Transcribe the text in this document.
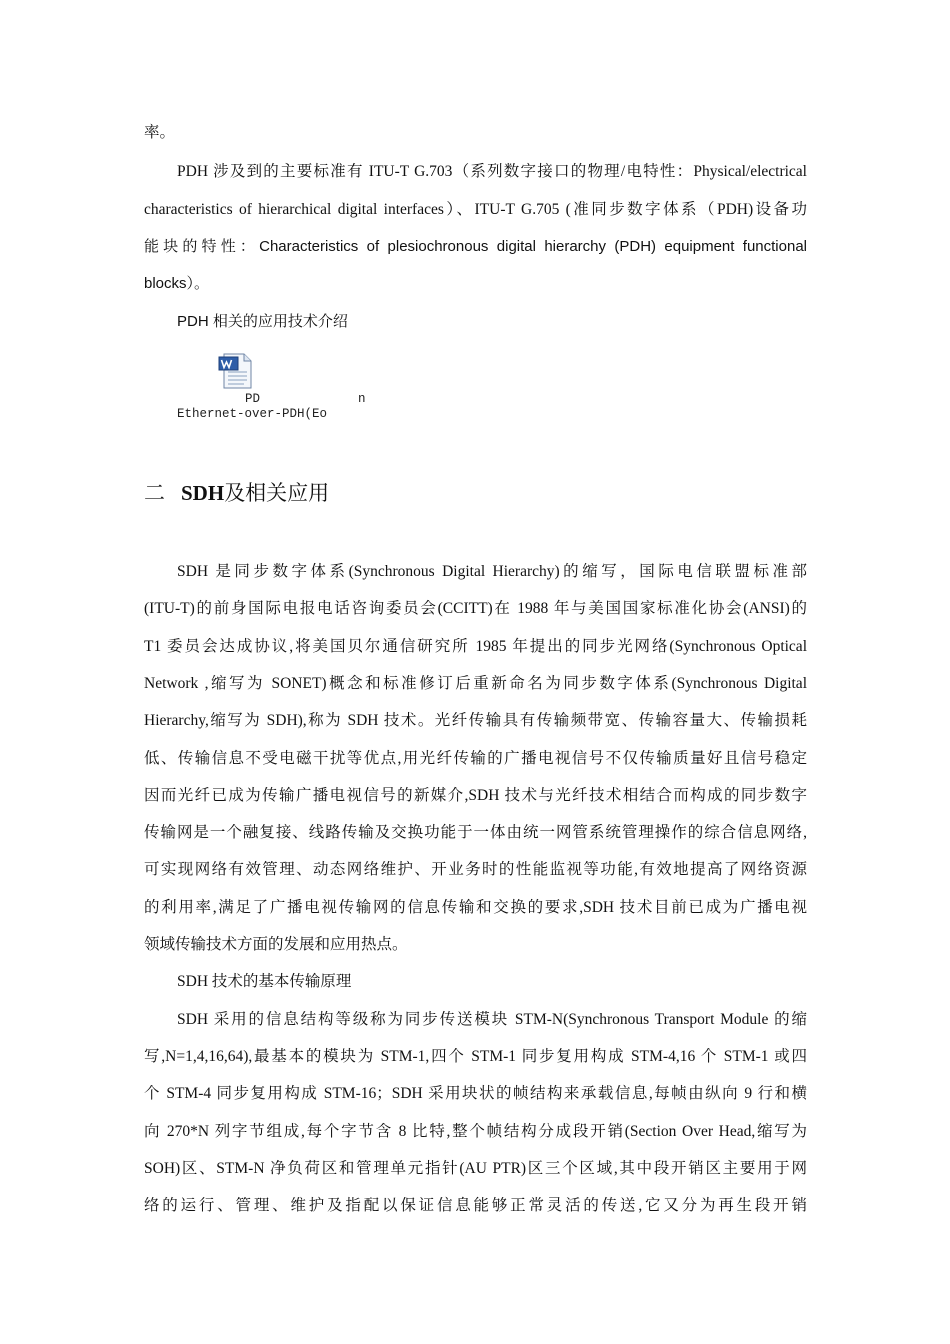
率。
PDH 涉及到的主要标准有 ITU-T G.703（系列数字接口的物理/电特性：Physical/electrical
characteristics of hierarchical digital interfaces）、ITU-T G.705 (准同步数字体系（PDH)设备功
能块的特性：Characteristics of plesiochronous digital hierarchy (PDH) equipment functional
blocks）。
PDH 相关的应用技术介绍
PD	n
Ethernet-over-PDH(Eo
二 SDH及相关应用
SDH 是同步数字体系(Synchronous Digital Hierarchy)的缩写，国际电信联盟标准部
(ITU-T)的前身国际电报电话咨询委员会(CCITT)在 1988 年与美国国家标准化协会(ANSI)的
T1 委员会达成协议,将美国贝尔通信研究所 1985 年提出的同步光网络(Synchronous Optical
Network ,缩写为 SONET)概念和标准修订后重新命名为同步数字体系(Synchronous Digital
Hierarchy,缩写为 SDH),称为 SDH 技术。光纤传输具有传输频带宽、传输容量大、传输损耗
低、传输信息不受电磁干扰等优点,用光纤传输的广播电视信号不仅传输质量好且信号稳定
因而光纤已成为传输广播电视信号的新媒介,SDH 技术与光纤技术相结合而构成的同步数字
传输网是一个融复接、线路传输及交换功能于一体由统一网管系统管理操作的综合信息网络,
可实现网络有效管理、动态网络维护、开业务时的性能监视等功能,有效地提高了网络资源
的利用率,满足了广播电视传输网的信息传输和交换的要求,SDH 技术目前已成为广播电视
领域传输技术方面的发展和应用热点。
SDH 技术的基本传输原理
SDH 采用的信息结构等级称为同步传送模块 STM-N(Synchronous Transport Module 的缩
写,N=1,4,16,64),最基本的模块为 STM-1,四个 STM-1 同步复用构成 STM-4,16 个 STM-1 或四
个 STM-4 同步复用构成 STM-16；SDH 采用块状的帧结构来承载信息,每帧由纵向 9 行和横
向 270*N 列字节组成,每个字节含 8 比特,整个帧结构分成段开销(Section Over Head,缩写为
SOH)区、STM-N 净负荷区和管理单元指针(AU PTR)区三个区域,其中段开销区主要用于网
络的运行、管理、维护及指配以保证信息能够正常灵活的传送,它又分为再生段开销
